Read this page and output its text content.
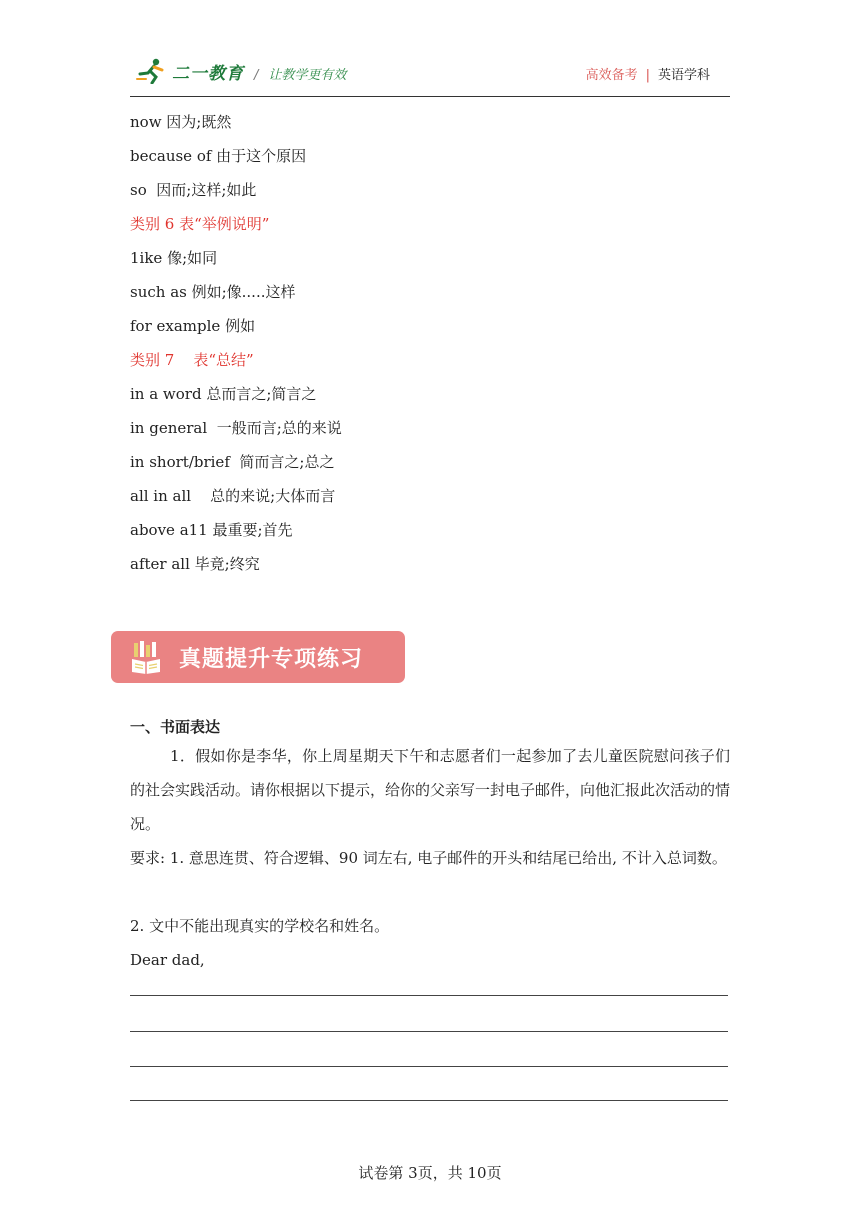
二一教育 / 让教学更有效	高效备考 | 英语学科
now 因为;既然
because of 由于这个原因
so  因而;这样;如此
类别 6 表“举例说明”
1ike 像;如同
such as 例如;像.....这样
for example 例如
类别 7    表“总结”
in a word 总而言之;简言之
in general  一般而言;总的来说
in short/brief  简而言之;总之
all in all    总的来说;大体而言
above a11 最重要;首先
after all 毕竟;终究
真题提升专项练习
一、书面表达
1．假如你是李华，你上周星期天下午和志愿者们一起参加了去儿童医院慰问孩子们的社会实践活动。请你根据以下提示，给你的父亲写一封电子邮件，向他汇报此次活动的情况。
要求: 1. 意思连贯、符合逻辑、90 词左右, 电子邮件的开头和结尾已给出, 不计入总词数。
2. 文中不能出现真实的学校名和姓名。
Dear dad,
试卷第 3页，共 10页
